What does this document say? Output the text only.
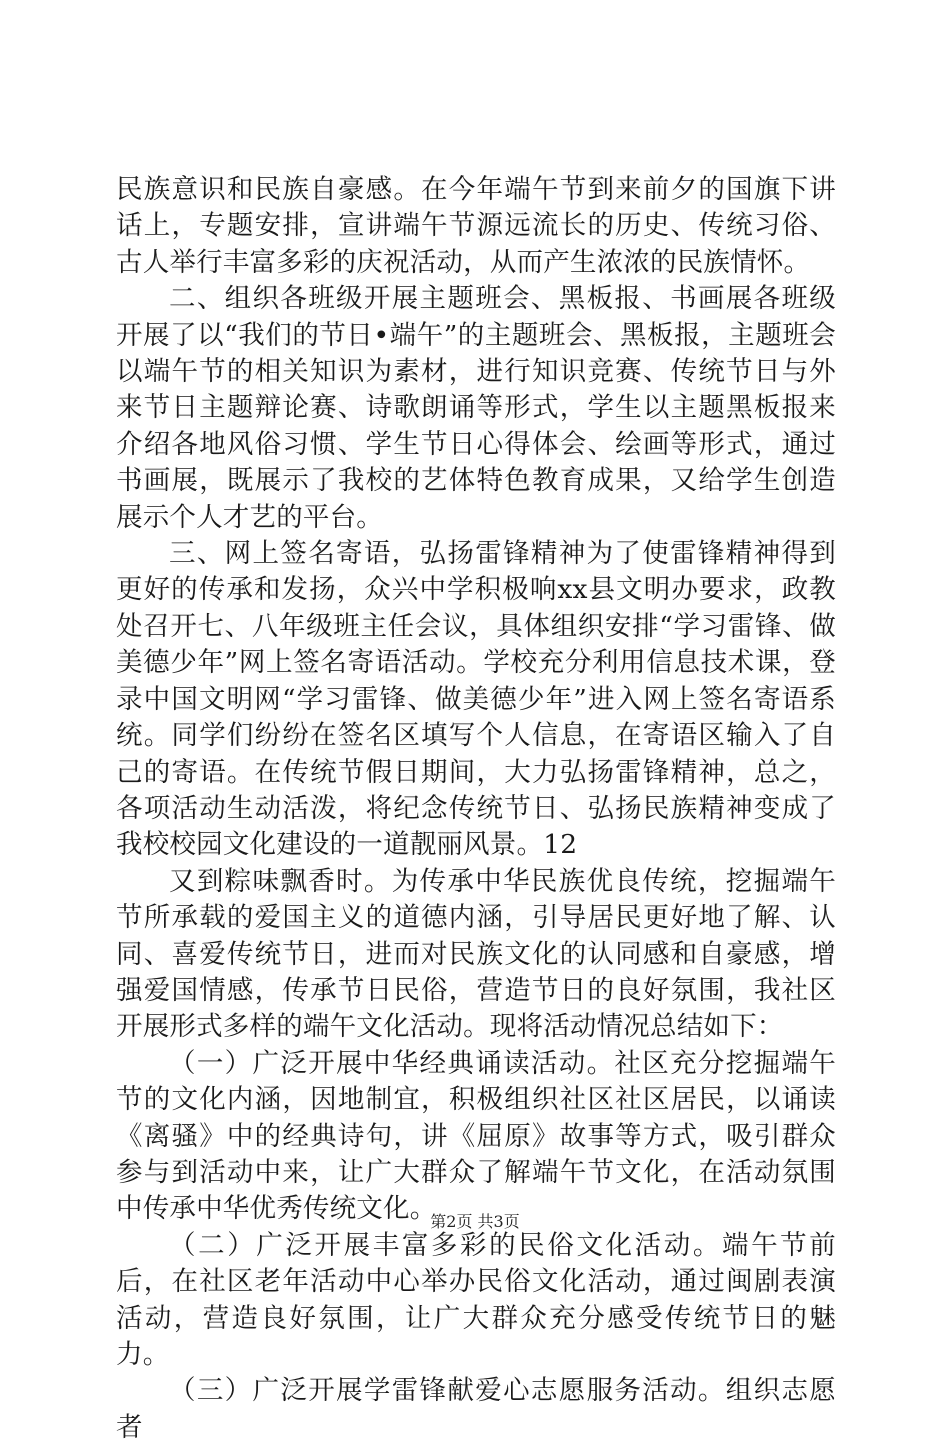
民族意识和民族自豪感。在今年端午节到来前夕的国旗下讲话上，专题安排，宣讲端午节源远流长的历史、传统习俗、古人举行丰富多彩的庆祝活动，从而产生浓浓的民族情怀。

二、组织各班级开展主题班会、黑板报、书画展各班级开展了以“我们的节日•端午”的主题班会、黑板报，主题班会以端午节的相关知识为素材，进行知识竞赛、传统节日与外来节日主题辩论赛、诗歌朗诵等形式，学生以主题黑板报来介绍各地风俗习惯、学生节日心得体会、绘画等形式，通过书画展，既展示了我校的艺体特色教育成果，又给学生创造展示个人才艺的平台。

三、网上签名寄语，弘扬雷锋精神为了使雷锋精神得到更好的传承和发扬，众兴中学积极响xx县文明办要求，政教处召开七、八年级班主任会议，具体组织安排“学习雷锋、做美德少年”网上签名寄语活动。学校充分利用信息技术课，登录中国文明网“学习雷锋、做美德少年”进入网上签名寄语系统。同学们纷纷在签名区填写个人信息，在寄语区输入了自己的寄语。在传统节假日期间，大力弘扬雷锋精神，总之，各项活动生动活泼，将纪念传统节日、弘扬民族精神变成了我校校园文化建设的一道靓丽风景。12

又到粽味飘香时。为传承中华民族优良传统，挖掘端午节所承载的爱国主义的道德内涵，引导居民更好地了解、认同、喜爱传统节日，进而对民族文化的认同感和自豪感，增强爱国情感，传承节日民俗，营造节日的良好氛围，我社区开展形式多样的端午文化活动。现将活动情况总结如下：

（一）广泛开展中华经典诵读活动。社区充分挖掘端午节的文化内涵，因地制宜，积极组织社区社区居民，以诵读《离骚》中的经典诗句，讲《屈原》故事等方式，吸引群众参与到活动中来，让广大群众了解端午节文化，在活动氛围中传承中华优秀传统文化。

（二）广泛开展丰富多彩的民俗文化活动。端午节前后，在社区老年活动中心举办民俗文化活动，通过闽剧表演活动，营造良好氛围，让广大群众充分感受传统节日的魅力。

（三）广泛开展学雷锋献爱心志愿服务活动。组织志愿者

第2页 共3页
